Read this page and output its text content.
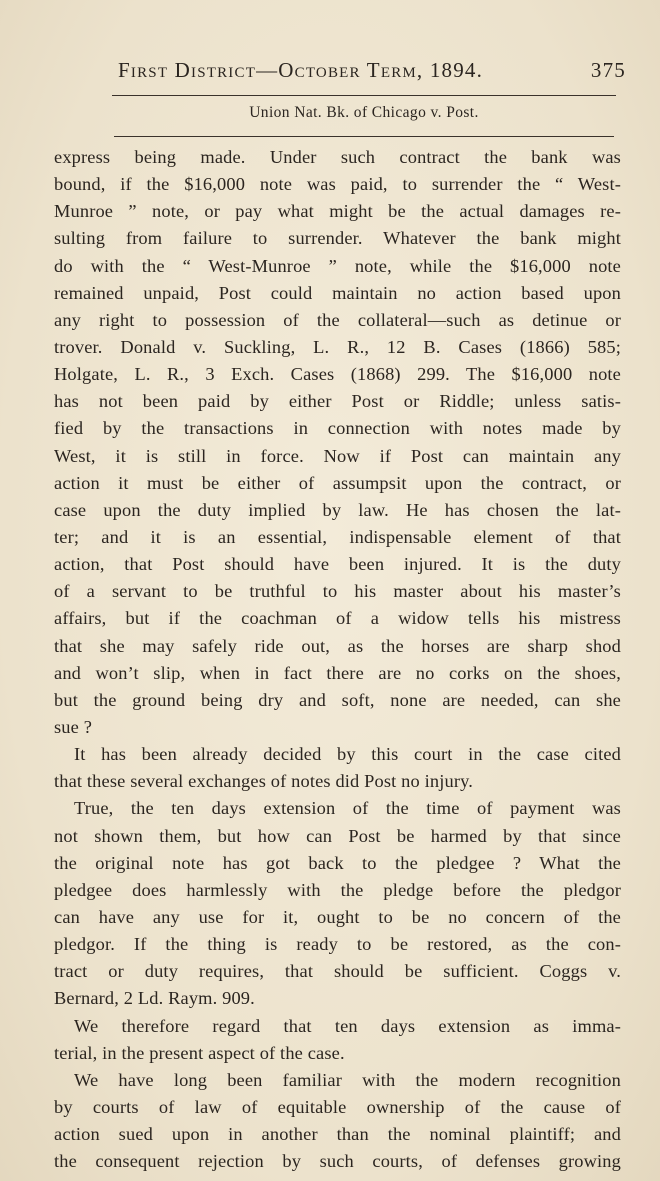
First District—October Term, 1894.	375
Union Nat. Bk. of Chicago v. Post.
express being made. Under such contract the bank was
bound, if the $16,000 note was paid, to surrender the “ West-
Munroe ” note, or pay what might be the actual damages re-
sulting from failure to surrender. Whatever the bank might
do with the “ West-Munroe ” note, while the $16,000 note
remained unpaid, Post could maintain no action based upon
any right to possession of the collateral—such as detinue or
trover. Donald v. Suckling, L. R., 12 B. Cases (1866) 585;
Holgate, L. R., 3 Exch. Cases (1868) 299. The $16,000 note
has not been paid by either Post or Riddle; unless satis-
fied by the transactions in connection with notes made by
West, it is still in force. Now if Post can maintain any
action it must be either of assumpsit upon the contract, or
case upon the duty implied by law. He has chosen the lat-
ter; and it is an essential, indispensable element of that
action, that Post should have been injured. It is the duty
of a servant to be truthful to his master about his master’s
affairs, but if the coachman of a widow tells his mistress
that she may safely ride out, as the horses are sharp shod
and won’t slip, when in fact there are no corks on the shoes,
but the ground being dry and soft, none are needed, can she
sue ?
It has been already decided by this court in the case cited
that these several exchanges of notes did Post no injury.
True, the ten days extension of the time of payment was
not shown them, but how can Post be harmed by that since
the original note has got back to the pledgee ? What the
pledgee does harmlessly with the pledge before the pledgor
can have any use for it, ought to be no concern of the
pledgor. If the thing is ready to be restored, as the con-
tract or duty requires, that should be sufficient. Coggs v.
Bernard, 2 Ld. Raym. 909.
We therefore regard that ten days extension as imma-
terial, in the present aspect of the case.
We have long been familiar with the modern recognition
by courts of law of equitable ownership of the cause of
action sued upon in another than the nominal plaintiff; and
the consequent rejection by such courts, of defenses growing
